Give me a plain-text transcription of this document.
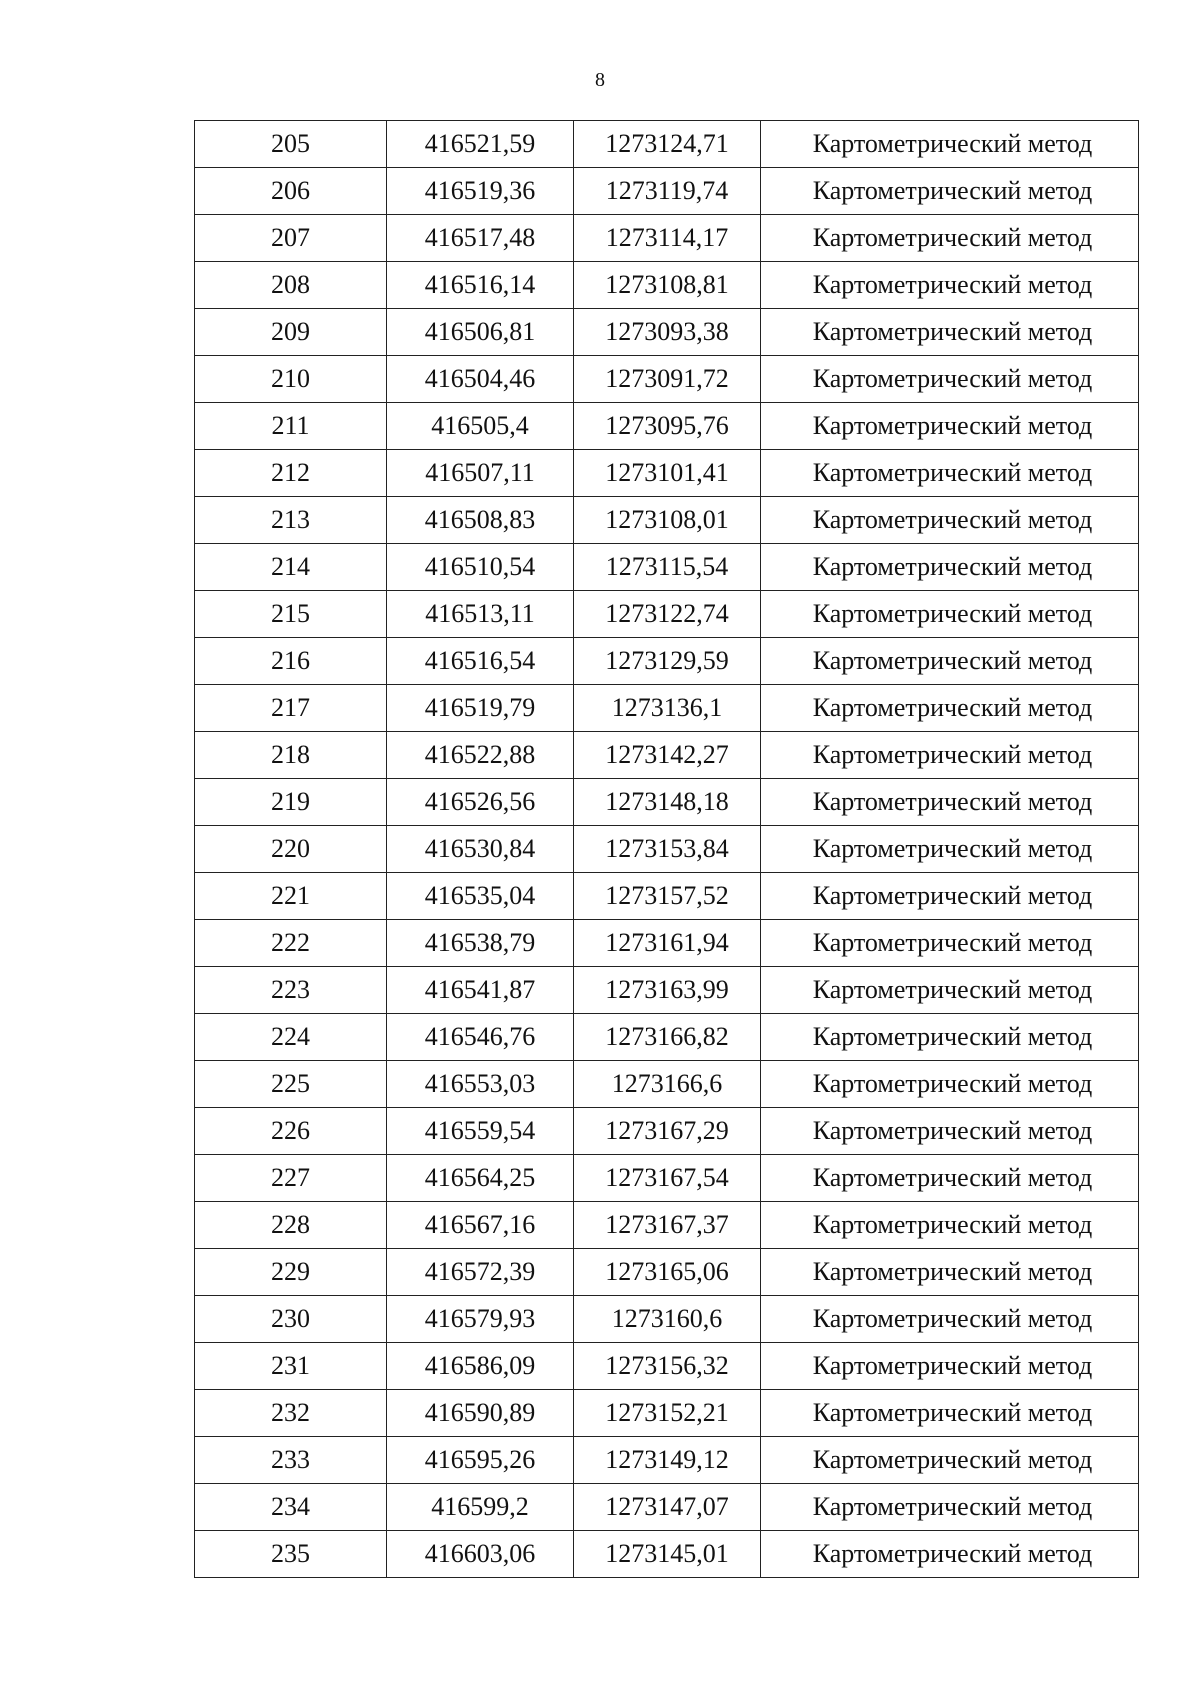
8
205	416521,59	1273124,71	Картометрический метод
206	416519,36	1273119,74	Картометрический метод
207	416517,48	1273114,17	Картометрический метод
208	416516,14	1273108,81	Картометрический метод
209	416506,81	1273093,38	Картометрический метод
210	416504,46	1273091,72	Картометрический метод
211	416505,4	1273095,76	Картометрический метод
212	416507,11	1273101,41	Картометрический метод
213	416508,83	1273108,01	Картометрический метод
214	416510,54	1273115,54	Картометрический метод
215	416513,11	1273122,74	Картометрический метод
216	416516,54	1273129,59	Картометрический метод
217	416519,79	1273136,1	Картометрический метод
218	416522,88	1273142,27	Картометрический метод
219	416526,56	1273148,18	Картометрический метод
220	416530,84	1273153,84	Картометрический метод
221	416535,04	1273157,52	Картометрический метод
222	416538,79	1273161,94	Картометрический метод
223	416541,87	1273163,99	Картометрический метод
224	416546,76	1273166,82	Картометрический метод
225	416553,03	1273166,6	Картометрический метод
226	416559,54	1273167,29	Картометрический метод
227	416564,25	1273167,54	Картометрический метод
228	416567,16	1273167,37	Картометрический метод
229	416572,39	1273165,06	Картометрический метод
230	416579,93	1273160,6	Картометрический метод
231	416586,09	1273156,32	Картометрический метод
232	416590,89	1273152,21	Картометрический метод
233	416595,26	1273149,12	Картометрический метод
234	416599,2	1273147,07	Картометрический метод
235	416603,06	1273145,01	Картометрический метод
